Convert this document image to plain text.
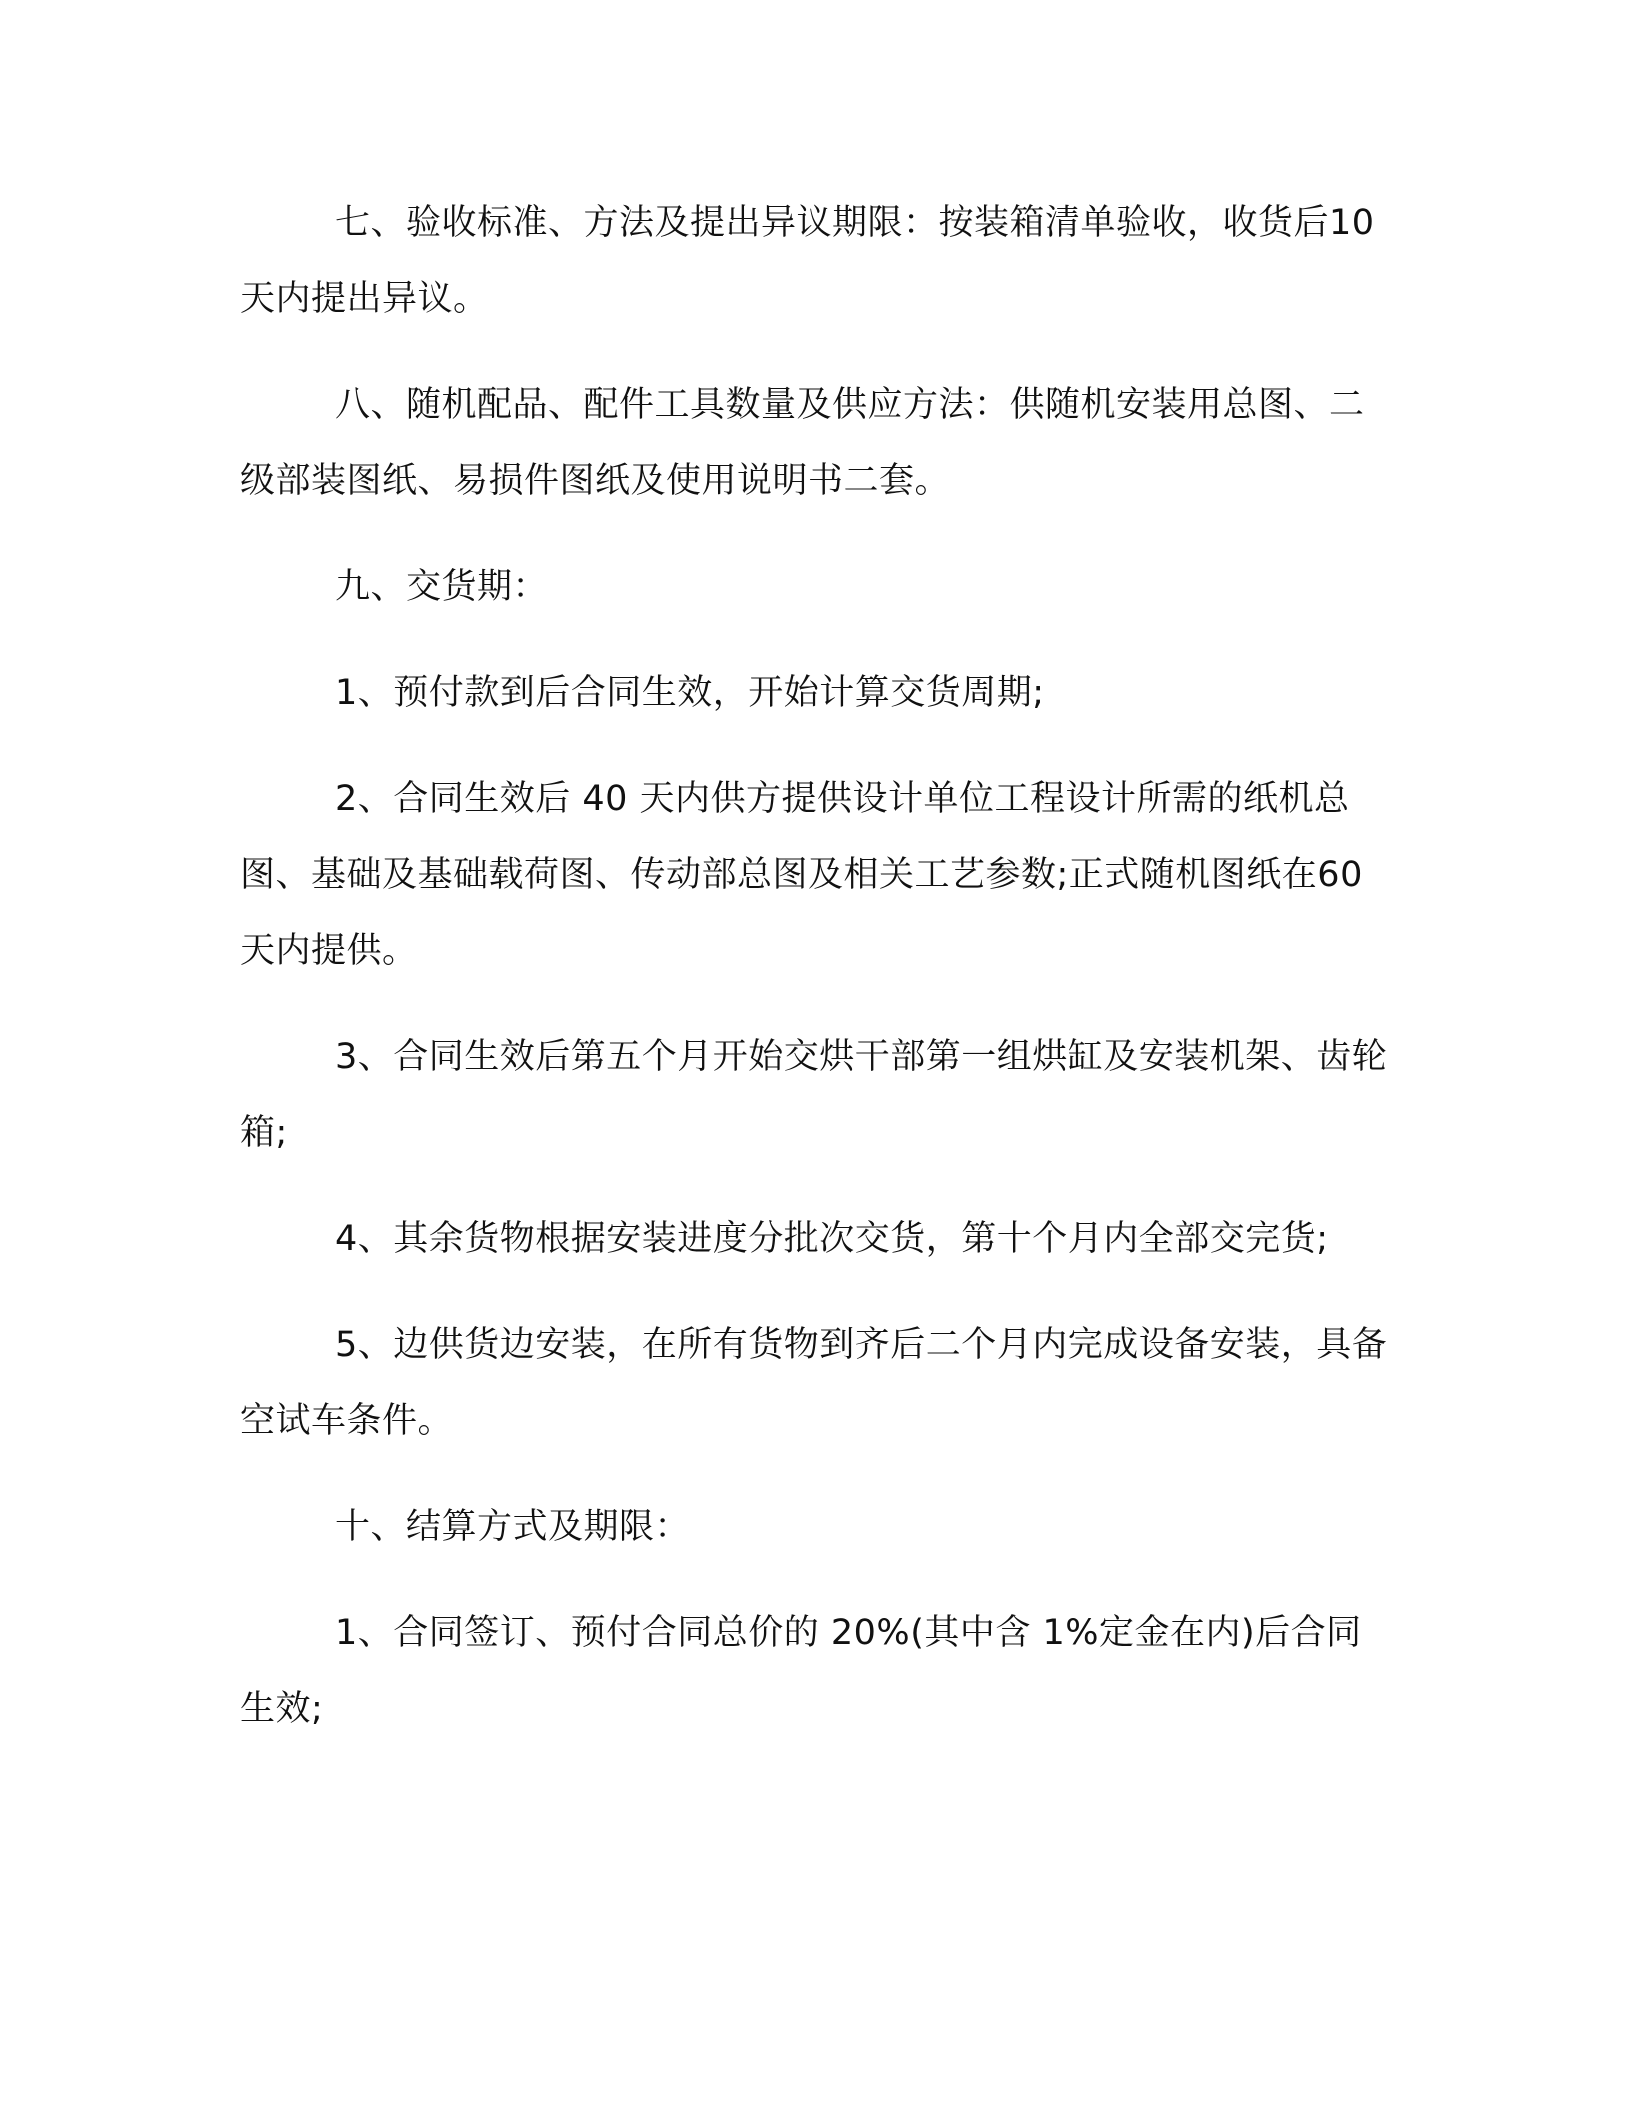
七、验收标准、方法及提出异议期限：按装箱清单验收，收货后10 天内提出异议。

八、随机配品、配件工具数量及供应方法：供随机安装用总图、二级部装图纸、易损件图纸及使用说明书二套。

九、交货期：

1、预付款到后合同生效，开始计算交货周期;

2、合同生效后 40 天内供方提供设计单位工程设计所需的纸机总图、基础及基础载荷图、传动部总图及相关工艺参数;正式随机图纸在60 天内提供。

3、合同生效后第五个月开始交烘干部第一组烘缸及安装机架、齿轮箱;

4、其余货物根据安装进度分批次交货，第十个月内全部交完货;

5、边供货边安装，在所有货物到齐后二个月内完成设备安装，具备空试车条件。

十、结算方式及期限：

1、合同签订、预付合同总价的 20%(其中含 1%定金在内)后合同生效;
